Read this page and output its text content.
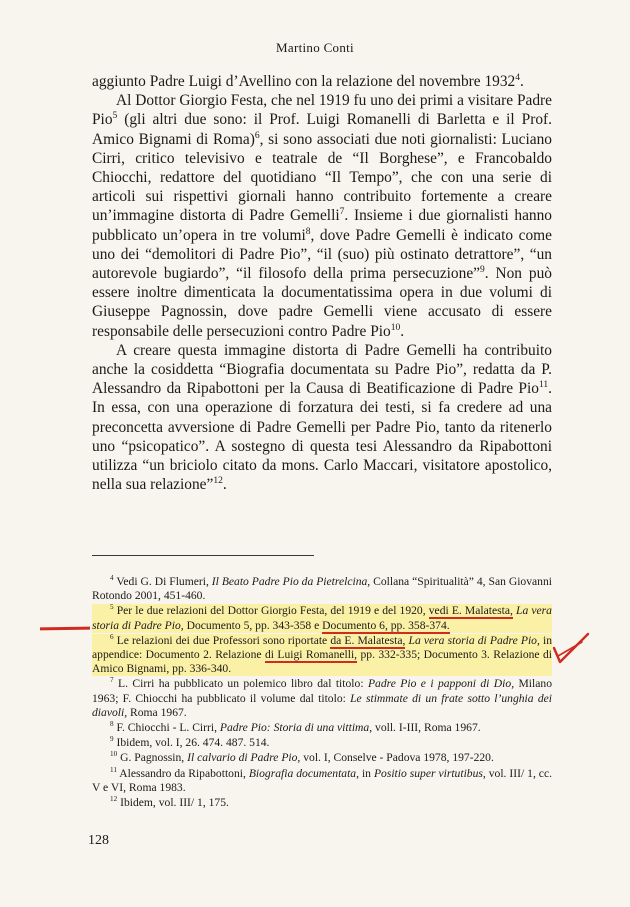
Martino Conti

aggiunto Padre Luigi d’Avellino con la relazione del novembre 1932$^4$.

Al Dottor Giorgio Festa, che nel 1919 fu uno dei primi a visitare Padre Pio$^5$ (gli altri due sono: il Prof. Luigi Romanelli di Barletta e il Prof. Amico Bignami di Roma)$^6$, si sono associati due noti giornalisti: Luciano Cirri, critico televisivo e teatrale de “Il Borghese”, e Francobaldo Chiocchi, redattore del quotidiano “Il Tempo”, che con una serie di articoli sui rispettivi giornali hanno contribuito fortemente a creare un’immagine distorta di Padre Gemelli$^7$. Insieme i due giornalisti hanno pubblicato un’opera in tre volumi$^8$, dove Padre Gemelli è indicato come uno dei “demolitori di Padre Pio”, “il (suo) più ostinato detrattore”, “un autorevole bugiardo”, “il filosofo della prima persecuzione”$^9$. Non può essere inoltre dimenticata la documentatissima opera in due volumi di Giuseppe Pagnossin, dove padre Gemelli viene accusato di essere responsabile delle persecuzioni contro Padre Pio$^{10}$.

A creare questa immagine distorta di Padre Gemelli ha contribuito anche la cosiddetta “Biografia documentata su Padre Pio”, redatta da P. Alessandro da Ripabottoni per la Causa di Beatificazione di Padre Pio$^{11}$. In essa, con una operazione di forzatura dei testi, si fa credere ad una preconcetta avversione di Padre Gemelli per Padre Pio, tanto da ritenerlo uno “psicopatico”. A sostegno di questa tesi Alessandro da Ripabottoni utilizza “un briciolo citato da mons. Carlo Maccari, visitatore apostolico, nella sua relazione”$^{12}$.

$^4$ Vedi G. Di Flumeri, Il Beato Padre Pio da Pietrelcina, Collana “Spiritualità” 4, San Giovanni Rotondo 2001, 451-460.

$^5$ Per le due relazioni del Dottor Giorgio Festa, del 1919 e del 1920, vedi E. Malatesta, La vera storia di Padre Pio, Documento 5, pp. 343-358 e Documento 6, pp. 358-374.

$^6$ Le relazioni dei due Professori sono riportate da E. Malatesta, La vera storia di Padre Pio, in appendice: Documento 2. Relazione di Luigi Romanelli, pp. 332-335; Documento 3. Relazione di Amico Bignami, pp. 336-340.

$^7$ L. Cirri ha pubblicato un polemico libro dal titolo: Padre Pio e i papponi di Dio, Milano 1963; F. Chiocchi ha pubblicato il volume dal titolo: Le stimmate di un frate sotto l’unghia dei diavoli, Roma 1967.

$^8$ F. Chiocchi - L. Cirri, Padre Pio: Storia di una vittima, voll. I-III, Roma 1967.

$^9$ Ibidem, vol. I, 26. 474. 487. 514.

$^{10}$ G. Pagnossin, Il calvario di Padre Pio, vol. I, Conselve - Padova 1978, 197-220.

$^{11}$ Alessandro da Ripabottoni, Biografia documentata, in Positio super virtutibus, vol. III/ 1, cc. V e VI, Roma 1983.

$^{12}$ Ibidem, vol. III/ 1, 175.

128
